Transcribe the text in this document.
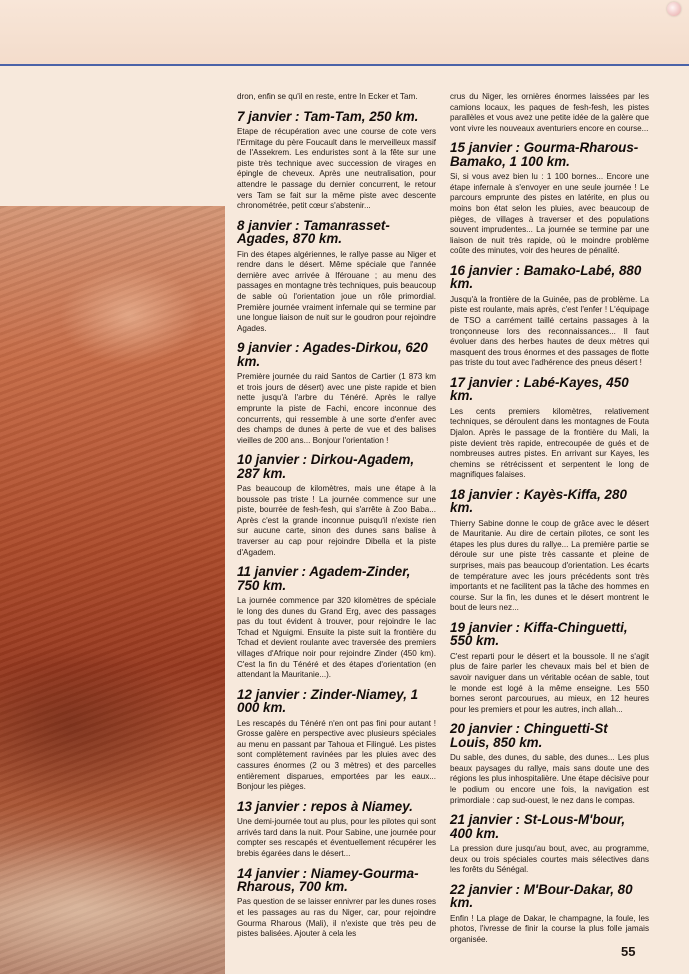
dron, enfin se qu'il en reste, entre In Ecker et Tam.

7 janvier : Tam-Tam, 250 km.

Etape de récupération avec une course de cote vers l'Ermitage du père Foucault dans le merveilleux massif de l'Assekrem. Les enduristes sont à la fête sur une piste très technique avec succession de virages en épingle de cheveux. Après une neutralisation, pour attendre le passage du dernier concurrent, le retour vers Tam se fait sur la même piste avec descente chronométrée, petit cœur s'abstenir...

8 janvier : Tamanrasset-Agades, 870 km.

Fin des étapes algériennes, le rallye passe au Niger et rendre dans le désert. Même spéciale que l'année dernière avec arrivée à Iférouane ; au menu des passages en montagne très techniques, puis beaucoup de sable où l'orientation joue un rôle primordial. Première journée vraiment infernale qui se termine par une longue liaison de nuit sur le goudron pour rejoindre Agades.

9 janvier : Agades-Dirkou, 620 km.

Première journée du raid Santos de Cartier (1 873 km et trois jours de désert) avec une piste rapide et bien nette jusqu'à l'arbre du Ténéré. Après le rallye emprunte la piste de Fachi, encore inconnue des concurrents, qui ressemble à une sorte d'enfer avec des champs de dunes à perte de vue et des balises vieilles de 200 ans... Bonjour l'orientation !

10 janvier : Dirkou-Agadem, 287 km.

Pas beaucoup de kilomètres, mais une étape à la boussole pas triste ! La journée commence sur une piste, bourrée de fesh-fesh, qui s'arrête à Zoo Baba... Après c'est la grande inconnue puisqu'il n'existe rien sur aucune carte, sinon des dunes sans balise à traverser au cap pour rejoindre Dibella et la piste d'Agadem.

11 janvier : Agadem-Zinder, 750 km.

La journée commence par 320 kilomètres de spéciale le long des dunes du Grand Erg, avec des passages pas du tout évident à trouver, pour rejoindre le lac Tchad et Nguigmi. Ensuite la piste suit la frontière du Tchad et devient roulante avec traversée des premiers villages d'Afrique noir pour rejoindre Zinder (450 km). C'est la fin du Ténéré et des étapes d'orientation (en attendant la Mauritanie...).

12 janvier : Zinder-Niamey, 1 000 km.

Les rescapés du Ténéré n'en ont pas fini pour autant ! Grosse galère en perspective avec plusieurs spéciales au menu en passant par Tahoua et Filingué. Les pistes sont complètement ravinées par les pluies avec des cassures énormes (2 ou 3 mètres) et des parcelles entièrement disparues, emportées par les eaux... Bonjour les pièges.

13 janvier : repos à Niamey.

Une demi-journée tout au plus, pour les pilotes qui sont arrivés tard dans la nuit. Pour Sabine, une journée pour compter ses rescapés et éventuellement récupérer les brebis égarées dans le désert...

14 janvier : Niamey-Gourma-Rharous, 700 km.

Pas question de se laisser ennivrer par les dunes roses et les passages au ras du Niger, car, pour rejoindre Gourma Rharous (Mali), il n'existe que très peu de pistes balisées. Ajouter à cela les

crus du Niger, les ornières énormes laissées par les camions locaux, les paques de fesh-fesh, les pistes parallèles et vous avez une petite idée de la galère que vont vivre les nouveaux aventuriers encore en course...

15 janvier : Gourma-Rharous-Bamako, 1 100 km.

Si, si vous avez bien lu : 1 100 bornes... Encore une étape infernale à s'envoyer en une seule journée ! Le parcours emprunte des pistes en latérite, en plus ou moins bon état selon les pluies, avec beaucoup de pièges, de villages à traverser et des populations souvent imprudentes... La journée se termine par une liaison de nuit très rapide, où le moindre problème coûte des minutes, voir des heures de pénalité.

16 janvier : Bamako-Labé, 880 km.

Jusqu'à la frontière de la Guinée, pas de problème. La piste est roulante, mais après, c'est l'enfer ! L'équipage de TSO a carrément taillé certains passages à la tronçonneuse lors des reconnaissances... Il faut évoluer dans des herbes hautes de deux mètres qui masquent des trous énormes et des passages de flotte pas triste du tout avec l'adhérence des pneus désert !

17 janvier : Labé-Kayes, 450 km.

Les cents premiers kilomètres, relativement techniques, se déroulent dans les montagnes de Fouta Djalon. Après le passage de la frontière du Mali, la piste devient très rapide, entrecoupée de gués et de nombreuses autres pistes. En arrivant sur Kayes, les chemins se rétrécissent et serpentent le long de magnifiques falaises.

18 janvier : Kayès-Kiffa, 280 km.

Thierry Sabine donne le coup de grâce avec le désert de Mauritanie. Au dire de certain pilotes, ce sont les étapes les plus dures du rallye... La première partie se déroule sur une piste très cassante et pleine de surprises, mais pas beaucoup d'orientation. Les écarts de température avec les jours précédents sont très importants et ne facilitent pas la tâche des hommes en course. Sur la fin, les dunes et le désert montrent le bout de leurs nez...

19 janvier : Kiffa-Chinguetti, 550 km.

C'est reparti pour le désert et la boussole. Il ne s'agit plus de faire parler les chevaux mais bel et bien de savoir naviguer dans un véritable océan de sable, tout le monde est logé à la même enseigne. Les 550 bornes seront parcourues, au mieux, en 12 heures pour les premiers et pour les autres, inch allah...

20 janvier : Chinguetti-St Louis, 850 km.

Du sable, des dunes, du sable, des dunes... Les plus beaux paysages du rallye, mais sans doute une des régions les plus inhospitalière. Une étape décisive pour le podium ou encore une fois, la navigation est primordiale : cap sud-ouest, le nez dans le compas.

21 janvier : St-Lous-M'bour, 400 km.

La pression dure jusqu'au bout, avec, au programme, deux ou trois spéciales courtes mais sélectives dans les forêts du Sénégal.

22 janvier : M'Bour-Dakar, 80 km.

Enfin ! La plage de Dakar, le champagne, la foule, les photos, l'ivresse de finir la course la plus folle jamais organisée.

55
